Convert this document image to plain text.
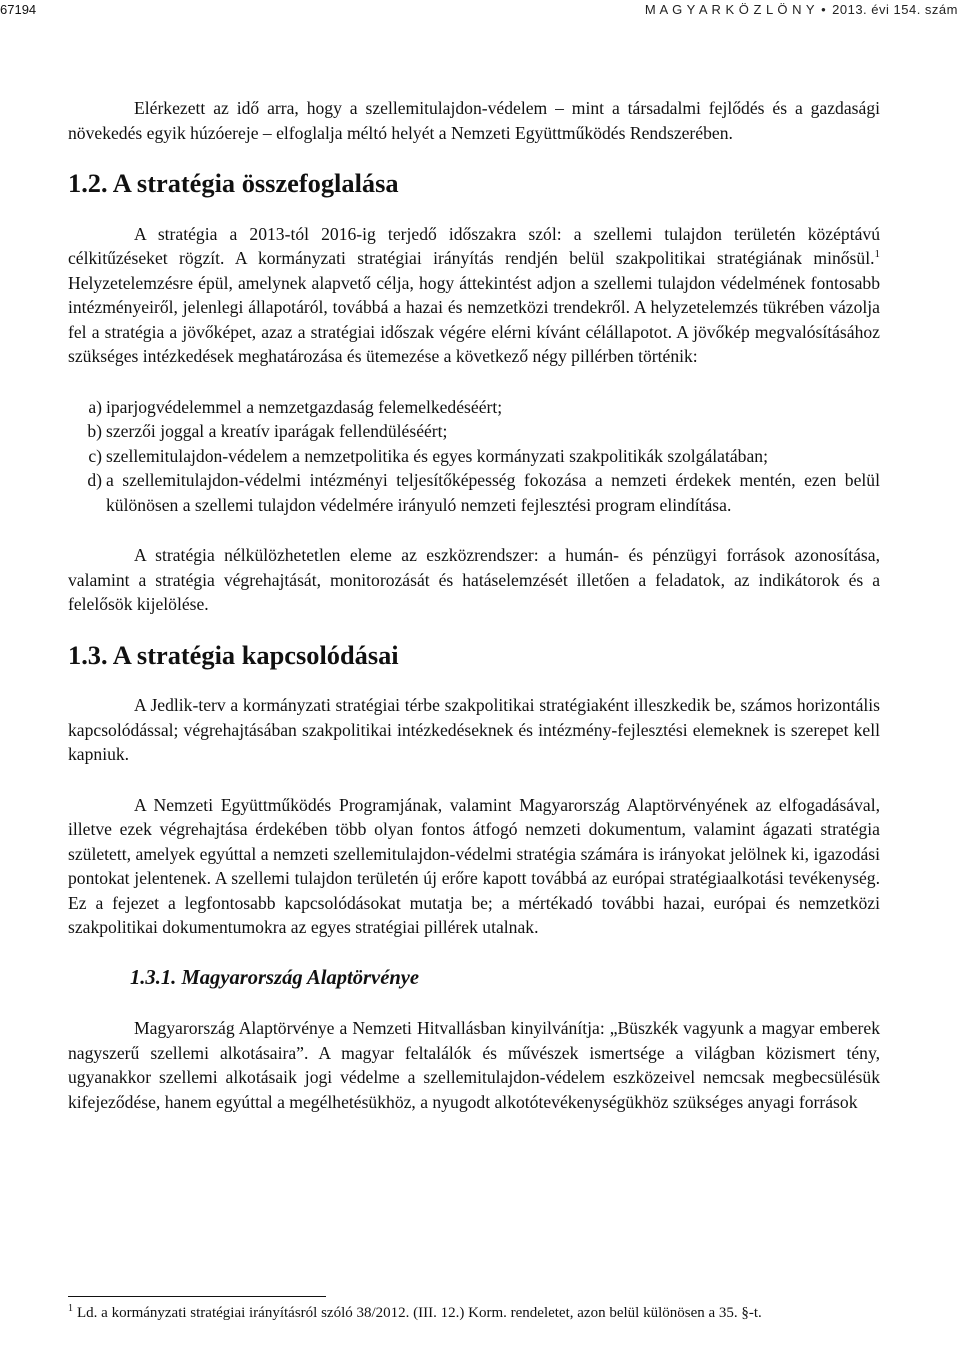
67194	M A G Y A R K Ö Z L Ö N Y • 2013. évi 154. szám

Elérkezett az idő arra, hogy a szellemitulajdon-védelem – mint a társadalmi fejlődés és a gazdasági növekedés egyik húzóereje – elfoglalja méltó helyét a Nemzeti Együttműködés Rendszerében.

1.2. A stratégia összefoglalása

A stratégia a 2013-tól 2016-ig terjedő időszakra szól: a szellemi tulajdon területén középtávú célkitűzéseket rögzít. A kormányzati stratégiai irányítás rendjén belül szakpolitikai stratégiának minősül.$^1$ Helyzetelemzésre épül, amelynek alapvető célja, hogy áttekintést adjon a szellemi tulajdon védelmének fontosabb intézményeiről, jelenlegi állapotáról, továbbá a hazai és nemzetközi trendekről. A helyzetelemzés tükrében vázolja fel a stratégia a jövőképet, azaz a stratégiai időszak végére elérni kívánt célállapotot. A jövőkép megvalósításához szükséges intézkedések meghatározása és ütemezése a következő négy pillérben történik:

a) iparjogvédelemmel a nemzetgazdaság felemelkedéséért;
b) szerzői joggal a kreatív iparágak fellendüléséért;
c) szellemitulajdon-védelem a nemzetpolitika és egyes kormányzati szakpolitikák szolgálatában;
d) a szellemitulajdon-védelmi intézményi teljesítőképesség fokozása a nemzeti érdekek mentén, ezen belül különösen a szellemi tulajdon védelmére irányuló nemzeti fejlesztési program elindítása.

A stratégia nélkülözhetetlen eleme az eszközrendszer: a humán- és pénzügyi források azonosítása, valamint a stratégia végrehajtását, monitorozását és hatáselemzését illetően a feladatok, az indikátorok és a felelősök kijelölése.

1.3. A stratégia kapcsolódásai

A Jedlik-terv a kormányzati stratégiai térbe szakpolitikai stratégiaként illeszkedik be, számos horizontális kapcsolódással; végrehajtásában szakpolitikai intézkedéseknek és intézmény-fejlesztési elemeknek is szerepet kell kapniuk.

A Nemzeti Együttműködés Programjának, valamint Magyarország Alaptörvényének az elfogadásával, illetve ezek végrehajtása érdekében több olyan fontos átfogó nemzeti dokumentum, valamint ágazati stratégia született, amelyek egyúttal a nemzeti szellemitulajdon-védelmi stratégia számára is irányokat jelölnek ki, igazodási pontokat jelentenek. A szellemi tulajdon területén új erőre kapott továbbá az európai stratégiaalkotási tevékenység. Ez a fejezet a legfontosabb kapcsolódásokat mutatja be; a mértékadó további hazai, európai és nemzetközi szakpolitikai dokumentumokra az egyes stratégiai pillérek utalnak.

1.3.1. Magyarország Alaptörvénye

Magyarország Alaptörvénye a Nemzeti Hitvallásban kinyilvánítja: „Büszkék vagyunk a magyar emberek nagyszerű szellemi alkotásaira”. A magyar feltalálók és művészek ismertsége a világban közismert tény, ugyanakkor szellemi alkotásaik jogi védelme a szellemitulajdon-védelem eszközeivel nemcsak megbecsülésük kifejeződése, hanem egyúttal a megélhetésükhöz, a nyugodt alkotótevékenységükhöz szükséges anyagi források

$^1$ Ld. a kormányzati stratégiai irányításról szóló 38/2012. (III. 12.) Korm. rendeletet, azon belül különösen a 35. §-t.
